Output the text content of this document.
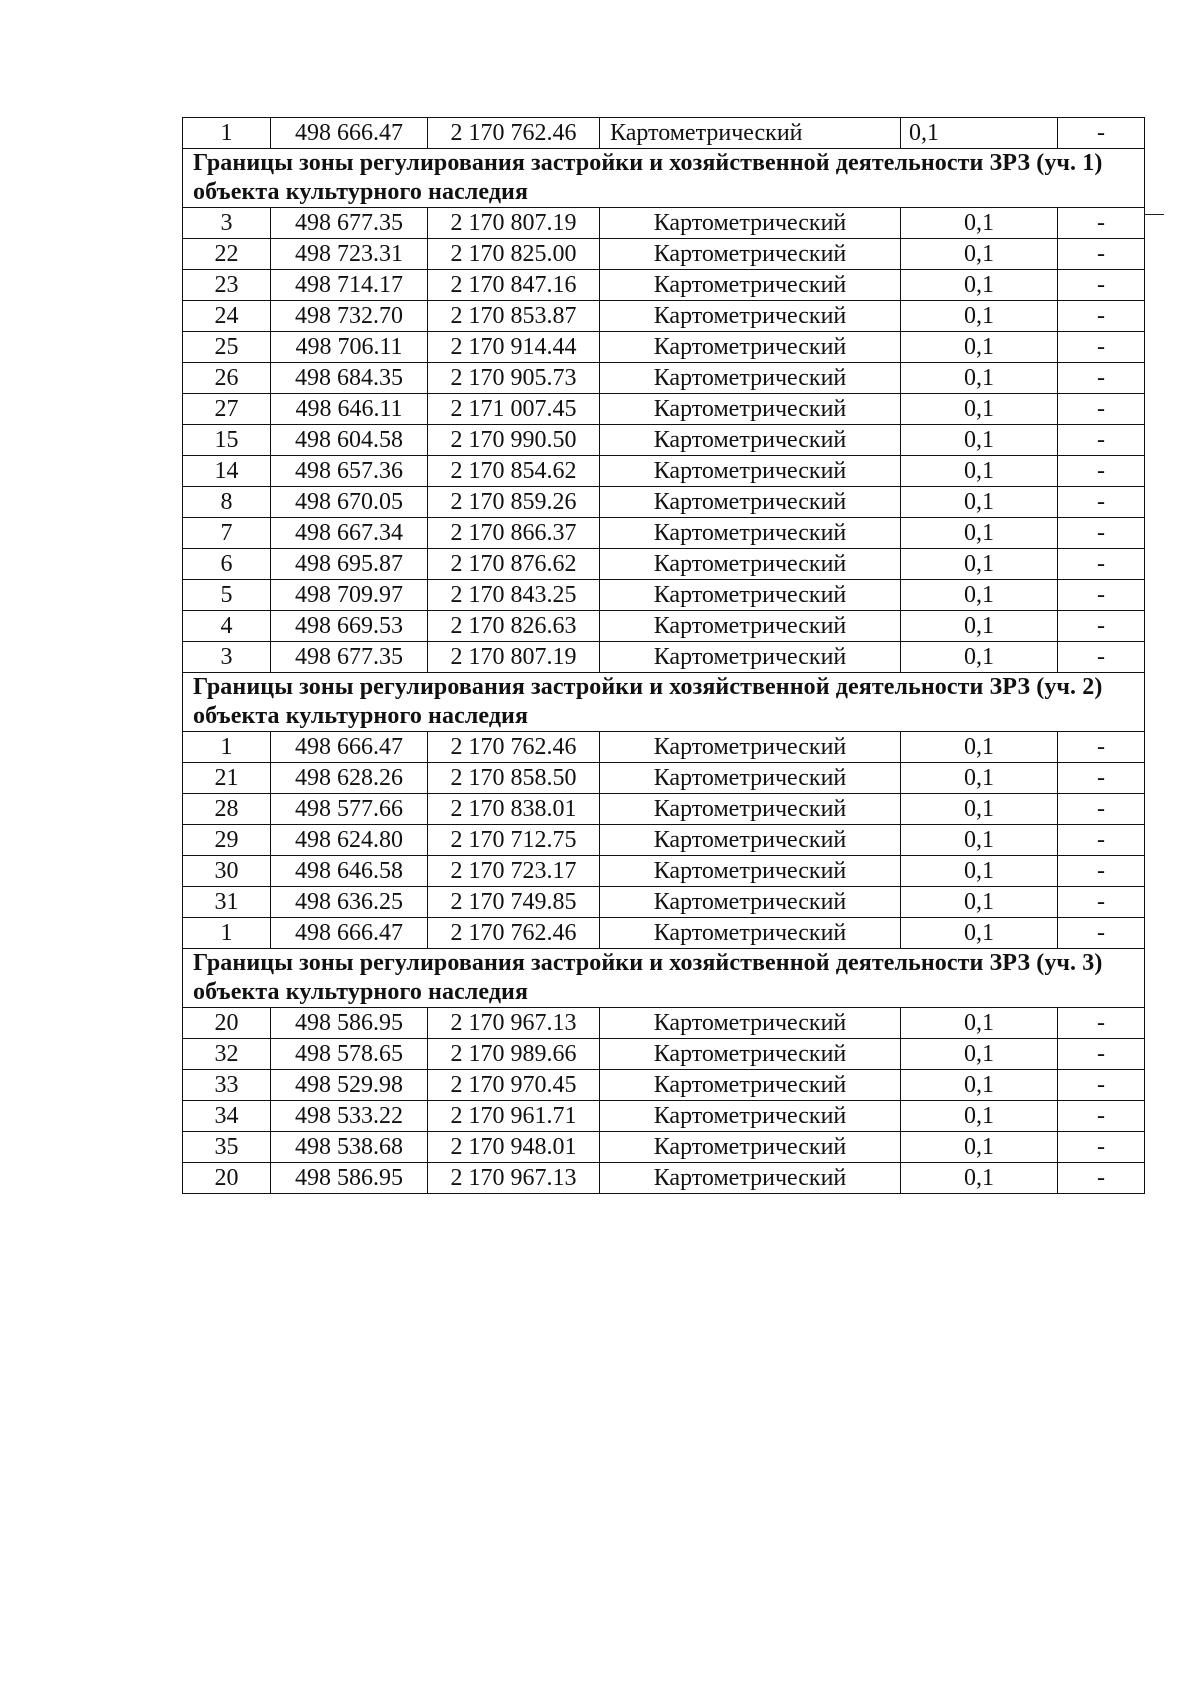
1	498 666.47	2 170 762.46	Картометрический	0,1	-
Границы зоны регулирования застройки и хозяйственной деятельности ЗРЗ (уч. 1) объекта культурного наследия					
3	498 677.35	2 170 807.19	Картометрический	0,1	-
22	498 723.31	2 170 825.00	Картометрический	0,1	-
23	498 714.17	2 170 847.16	Картометрический	0,1	-
24	498 732.70	2 170 853.87	Картометрический	0,1	-
25	498 706.11	2 170 914.44	Картометрический	0,1	-
26	498 684.35	2 170 905.73	Картометрический	0,1	-
27	498 646.11	2 171 007.45	Картометрический	0,1	-
15	498 604.58	2 170 990.50	Картометрический	0,1	-
14	498 657.36	2 170 854.62	Картометрический	0,1	-
8	498 670.05	2 170 859.26	Картометрический	0,1	-
7	498 667.34	2 170 866.37	Картометрический	0,1	-
6	498 695.87	2 170 876.62	Картометрический	0,1	-
5	498 709.97	2 170 843.25	Картометрический	0,1	-
4	498 669.53	2 170 826.63	Картометрический	0,1	-
3	498 677.35	2 170 807.19	Картометрический	0,1	-
Границы зоны регулирования застройки и хозяйственной деятельности ЗРЗ (уч. 2) объекта культурного наследия					
1	498 666.47	2 170 762.46	Картометрический	0,1	-
21	498 628.26	2 170 858.50	Картометрический	0,1	-
28	498 577.66	2 170 838.01	Картометрический	0,1	-
29	498 624.80	2 170 712.75	Картометрический	0,1	-
30	498 646.58	2 170 723.17	Картометрический	0,1	-
31	498 636.25	2 170 749.85	Картометрический	0,1	-
1	498 666.47	2 170 762.46	Картометрический	0,1	-
Границы зоны регулирования застройки и хозяйственной деятельности ЗРЗ (уч. 3) объекта культурного наследия					
20	498 586.95	2 170 967.13	Картометрический	0,1	-
32	498 578.65	2 170 989.66	Картометрический	0,1	-
33	498 529.98	2 170 970.45	Картометрический	0,1	-
34	498 533.22	2 170 961.71	Картометрический	0,1	-
35	498 538.68	2 170 948.01	Картометрический	0,1	-
20	498 586.95	2 170 967.13	Картометрический	0,1	-
